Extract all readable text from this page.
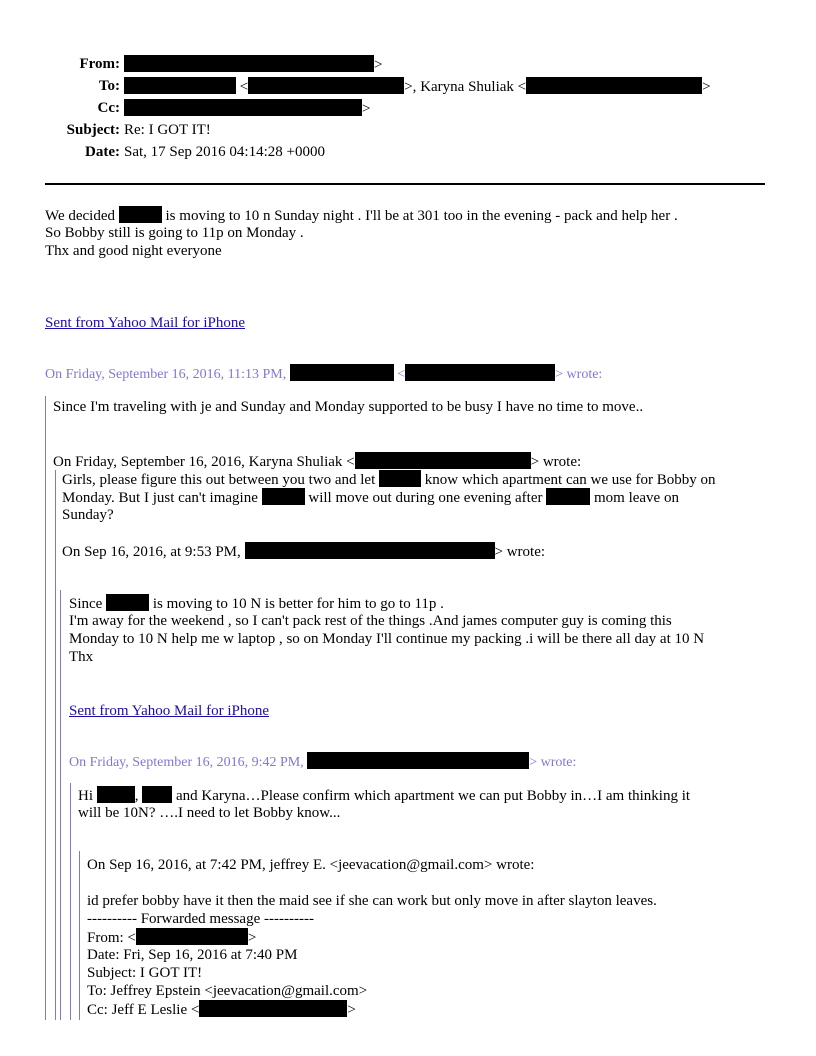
From:	>
To:	<	>, Karyna Shuliak <	>
Cc:	>
Subject: Re: I GOT IT!
Date: Sat, 17 Sep 2016 04:14:28 +0000
We decided	is moving to 10 n Sunday night . I'll be at 301 too in the evening - pack and help her .
So Bobby still is going to 11p on Monday .
Thx and good night everyone
Sent from Yahoo Mail for iPhone
On Friday, September 16, 2016, 11:13 PM,	<	> wrote:
Since I'm traveling with je and Sunday and Monday supported to be busy I have no time to move..
On Friday, September 16, 2016, Karyna Shuliak <	> wrote:
Girls, please figure this out between you two and let	know which apartment can we use for Bobby on
Monday. But I just can't imagine	will move out during one evening after	mom leave on
Sunday?
On Sep 16, 2016, at 9:53 PM,	> wrote:
Since	is moving to 10 N is better for him to go to 11p .
I'm away for the weekend , so I can't pack rest of the things .And james computer guy is coming this
Monday to 10 N help me w laptop , so on Monday I'll continue my packing .i will be there all day at 10 N
Thx
Sent from Yahoo Mail for iPhone
On Friday, September 16, 2016, 9:42 PM,	> wrote:
Hi	,	and Karyna…Please confirm which apartment we can put Bobby in…I am thinking it
will be 10N? ….I need to let Bobby know...
On Sep 16, 2016, at 7:42 PM, jeffrey E. <jeevacation@gmail.com> wrote:
id prefer bobby have it then the maid see if she can work but only move in after slayton leaves.
---------- Forwarded message ----------
From: <	>
Date: Fri, Sep 16, 2016 at 7:40 PM
Subject: I GOT IT!
To: Jeffrey Epstein <jeevacation@gmail.com>
Cc: Jeff E Leslie <	>
